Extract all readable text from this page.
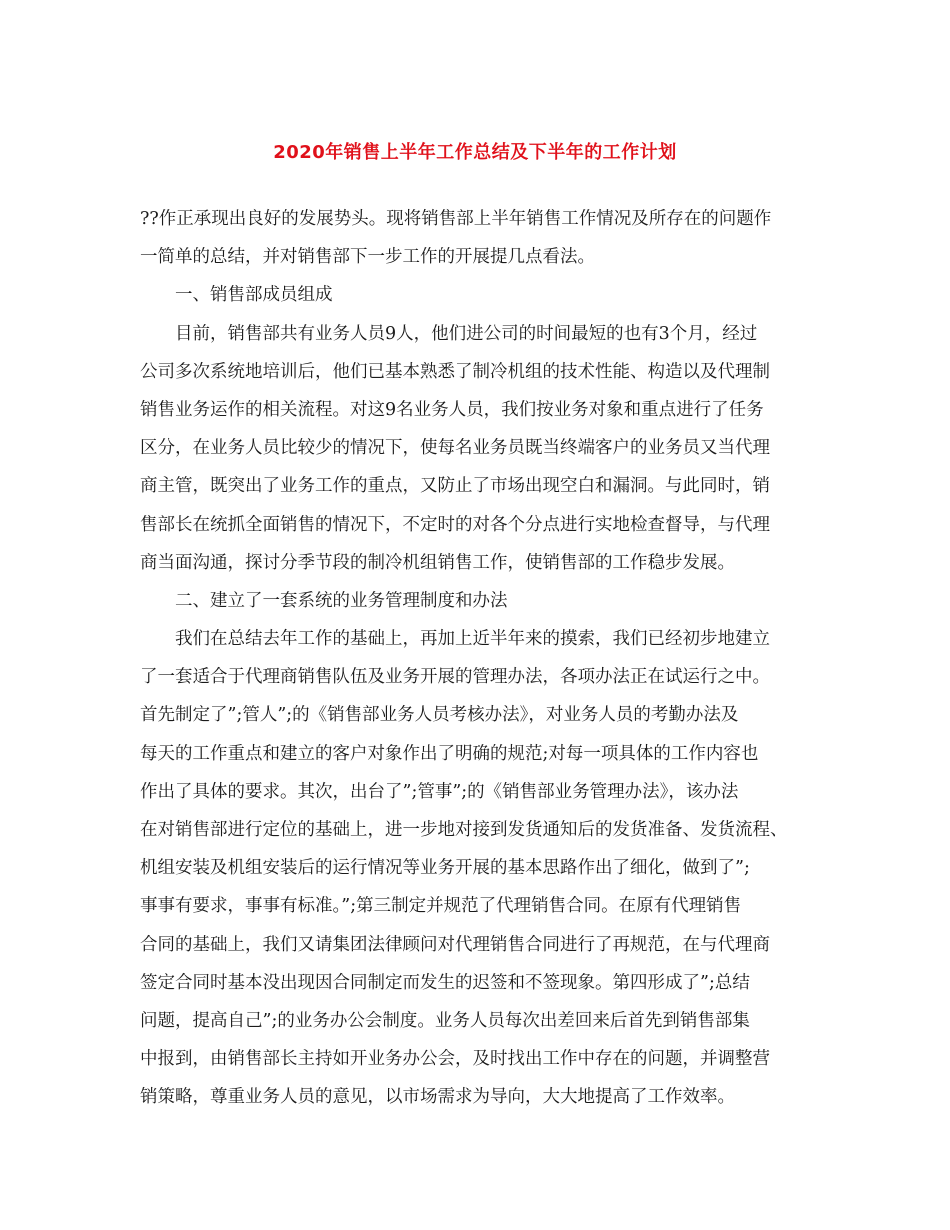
2020年销售上半年工作总结及下半年的工作计划
??作正承现出良好的发展势头。现将销售部上半年销售工作情况及所存在的问题作
一简单的总结，并对销售部下一步工作的开展提几点看法。
一、销售部成员组成
目前，销售部共有业务人员9人，他们进公司的时间最短的也有3个月，经过
公司多次系统地培训后，他们已基本熟悉了制冷机组的技术性能、构造以及代理制
销售业务运作的相关流程。对这9名业务人员，我们按业务对象和重点进行了任务
区分，在业务人员比较少的情况下，使每名业务员既当终端客户的业务员又当代理
商主管，既突出了业务工作的重点，又防止了市场出现空白和漏洞。与此同时，销
售部长在统抓全面销售的情况下，不定时的对各个分点进行实地检查督导，与代理
商当面沟通，探讨分季节段的制冷机组销售工作，使销售部的工作稳步发展。
二、建立了一套系统的业务管理制度和办法
我们在总结去年工作的基础上，再加上近半年来的摸索，我们已经初步地建立
了一套适合于代理商销售队伍及业务开展的管理办法，各项办法正在试运行之中。
首先制定了”;管人”;的《销售部业务人员考核办法》，对业务人员的考勤办法及
每天的工作重点和建立的客户对象作出了明确的规范;对每一项具体的工作内容也
作出了具体的要求。其次，出台了”;管事”;的《销售部业务管理办法》，该办法
在对销售部进行定位的基础上，进一步地对接到发货通知后的发货准备、发货流程、
机组安装及机组安装后的运行情况等业务开展的基本思路作出了细化，做到了”;
事事有要求，事事有标准。”;第三制定并规范了代理销售合同。在原有代理销售
合同的基础上，我们又请集团法律顾问对代理销售合同进行了再规范，在与代理商
签定合同时基本没出现因合同制定而发生的迟签和不签现象。第四形成了”;总结
问题，提高自己”;的业务办公会制度。业务人员每次出差回来后首先到销售部集
中报到，由销售部长主持如开业务办公会，及时找出工作中存在的问题，并调整营
销策略，尊重业务人员的意见，以市场需求为导向，大大地提高了工作效率。
